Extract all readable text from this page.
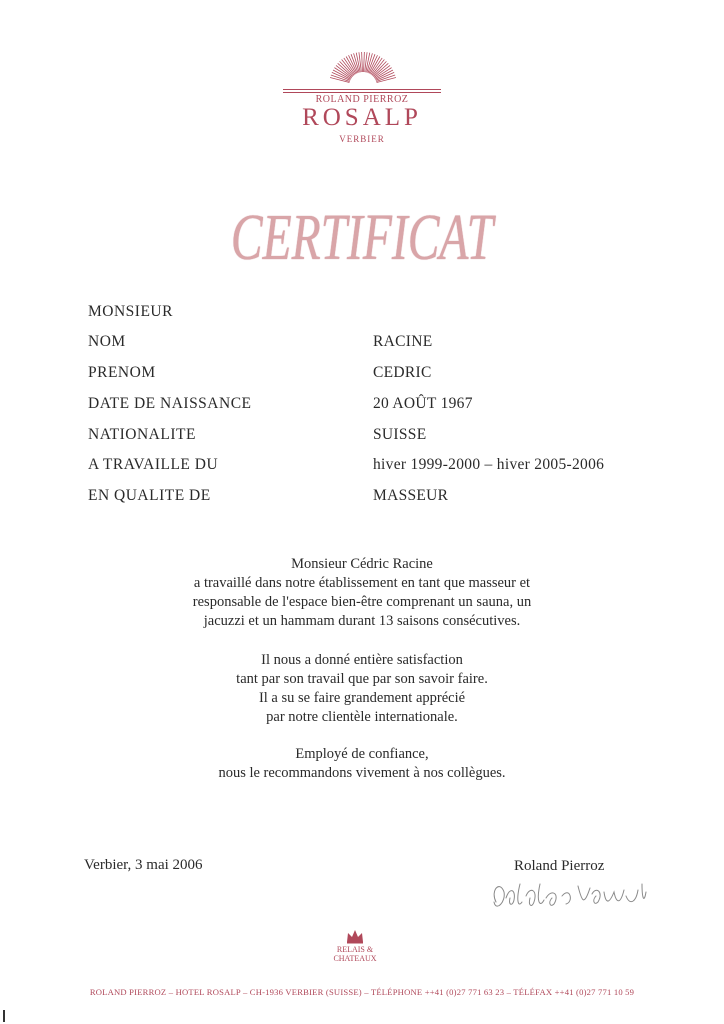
ROLAND PIERROZ
ROSALP
VERBIER
CERTIFICAT
MONSIEUR
NOM	RACINE
PRENOM	CEDRIC
DATE DE NAISSANCE	20 AOÛT 1967
NATIONALITE	SUISSE
A TRAVAILLE DU	hiver 1999-2000 – hiver 2005-2006
EN QUALITE DE	MASSEUR
Monsieur Cédric Racine
a travaillé dans notre établissement en tant que masseur et
responsable de l'espace bien-être comprenant un sauna, un
jacuzzi et un hammam durant 13 saisons consécutives.
Il nous a donné entière satisfaction
tant par son travail que par son savoir faire.
Il a su se faire grandement apprécié
par notre clientèle internationale.
Employé de confiance,
nous le recommandons vivement à nos collègues.
Verbier, 3 mai 2006	Roland Pierroz
RELAIS &
CHATEAUX
ROLAND PIERROZ – HOTEL ROSALP – CH-1936 VERBIER (SUISSE) – TÉLÉPHONE ++41 (0)27 771 63 23 – TÉLÉFAX ++41 (0)27 771 10 59
